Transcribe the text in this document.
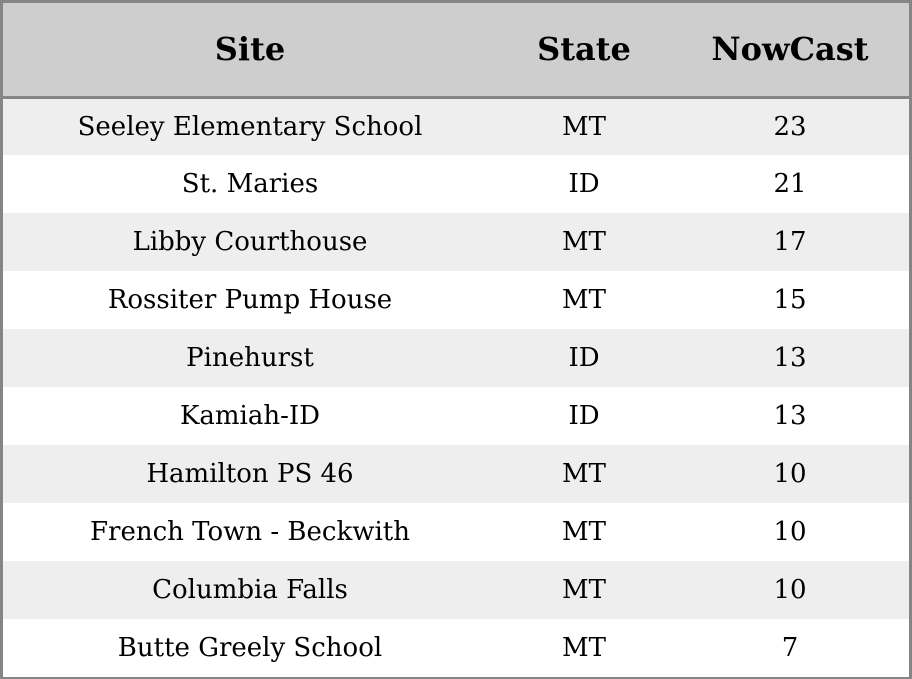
Site	State	NowCast
Seeley Elementary School	MT	23
St. Maries	ID	21
Libby Courthouse	MT	17
Rossiter Pump House	MT	15
Pinehurst	ID	13
Kamiah-ID	ID	13
Hamilton PS 46	MT	10
French Town - Beckwith	MT	10
Columbia Falls	MT	10
Butte Greely School	MT	7
